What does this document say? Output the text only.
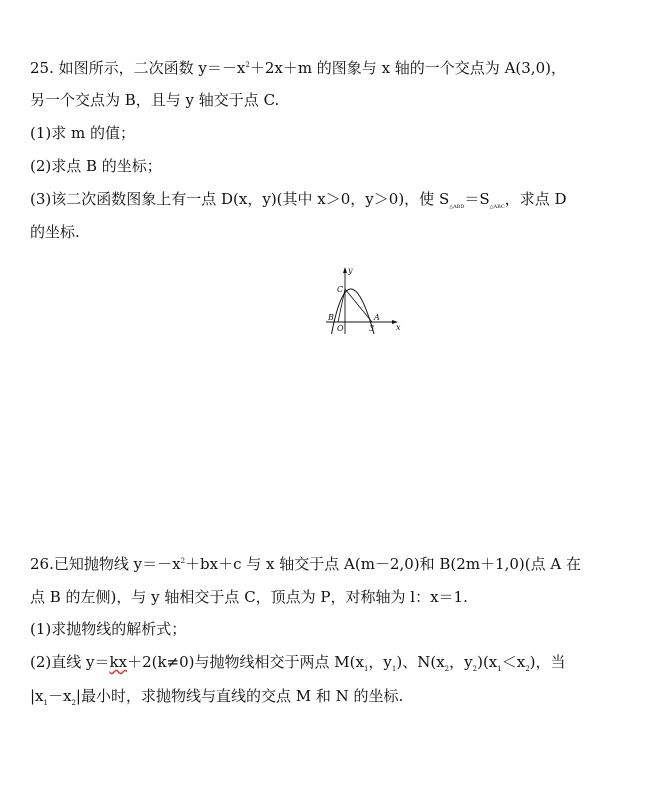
25. 如图所示，二次函数 $y=-x^2+2x+m$ 的图象与 x 轴的一个交点为 A(3,0)，
另一个交点为 B，且与 y 轴交于点 C.
(1)求 m 的值；
(2)求点 B 的坐标；
(3)该二次函数图象上有一点 D(x，y)(其中 x＞0，y＞0)，使 $S_{\triangle ABD}=S_{\triangle ABC}$，求点 D
的坐标.
y
C
B
O	3
A
x
26.已知抛物线 $y=-x^2+bx+c$ 与 x 轴交于点 A(m－2,0)和 B(2m＋1,0)(点 A 在
点 B 的左侧)，与 y 轴相交于点 C，顶点为 P，对称轴为 l：x＝1.
(1)求抛物线的解析式；
(2)直线 y＝kx＋2(k≠0)与抛物线相交于两点 $M(x_1$，$y_1$)、$N(x_2$，$y_2)(x_1<x_2)$，当
$|x_1-x_2|$最小时，求抛物线与直线的交点 M 和 N 的坐标.
